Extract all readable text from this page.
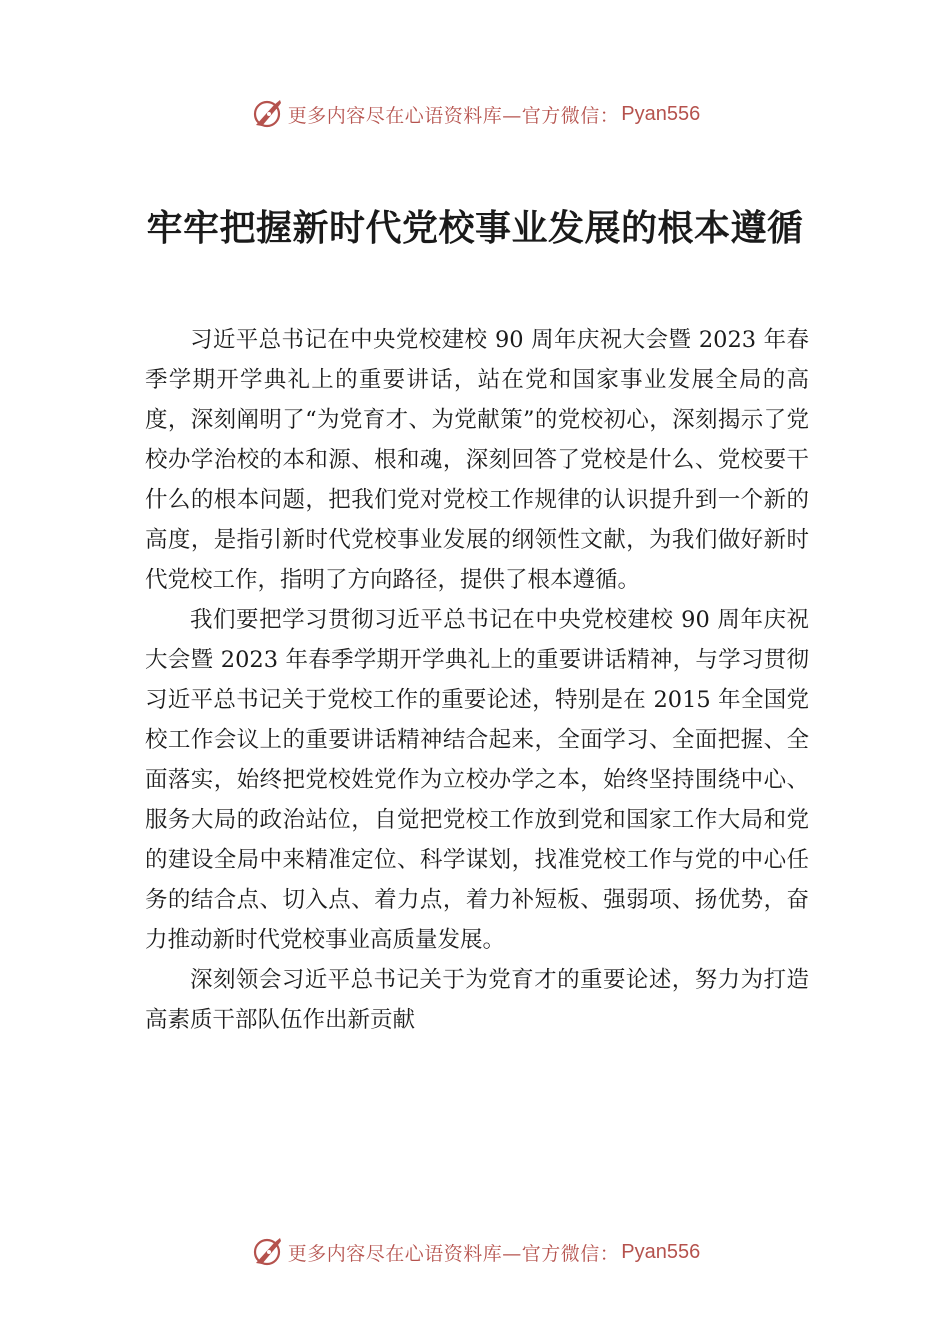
更多内容尽在心语资料库—官方微信： Pyan556
牢牢把握新时代党校事业发展的根本遵循

习近平总书记在中央党校建校 90 周年庆祝大会暨 2023 年春季学期开学典礼上的重要讲话，站在党和国家事业发展全局的高度，深刻阐明了“为党育才、为党献策”的党校初心，深刻揭示了党校办学治校的本和源、根和魂，深刻回答了党校是什么、党校要干什么的根本问题，把我们党对党校工作规律的认识提升到一个新的高度，是指引新时代党校事业发展的纲领性文献，为我们做好新时代党校工作，指明了方向路径，提供了根本遵循。

我们要把学习贯彻习近平总书记在中央党校建校 90 周年庆祝大会暨 2023 年春季学期开学典礼上的重要讲话精神，与学习贯彻习近平总书记关于党校工作的重要论述，特别是在 2015 年全国党校工作会议上的重要讲话精神结合起来，全面学习、全面把握、全面落实，始终把党校姓党作为立校办学之本，始终坚持围绕中心、服务大局的政治站位，自觉把党校工作放到党和国家工作大局和党的建设全局中来精准定位、科学谋划，找准党校工作与党的中心任务的结合点、切入点、着力点，着力补短板、强弱项、扬优势，奋力推动新时代党校事业高质量发展。

深刻领会习近平总书记关于为党育才的重要论述，努力为打造高素质干部队伍作出新贡献

更多内容尽在心语资料库—官方微信： Pyan556
